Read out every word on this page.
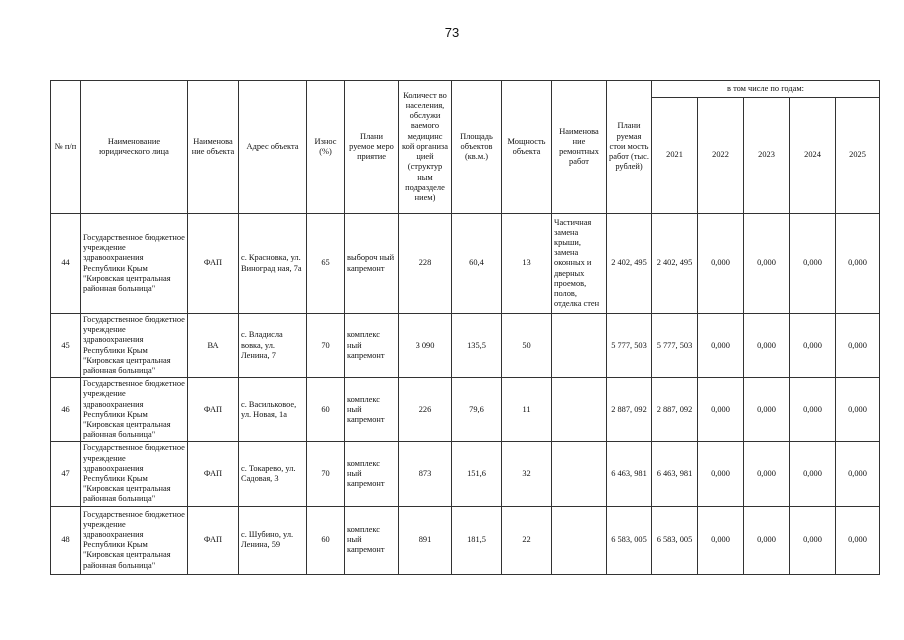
73
№ п/п	Наименование юридического лица	Наименова ние объекта	Адрес объекта	Износ (%)	Плани руемое меро приятие	Количест во населения, обслужи ваемого медицинс кой организа цией (структур ным подразделе нием)	Площадь объектов (кв.м.)	Мощность объекта	Наименова ние ремонтных работ	Плани руемая стои мость работ (тыс. рублей)	в том числе по годам:				
											2021	2022	2023	2024	2025
44	Государственное бюджетное учреждение здравоохранения Республики Крым "Кировская центральная районная больница"	ФАП	с. Красновка, ул. Виноград ная, 7а	65	выбороч ный капремонт	228	60,4	13	Частичная замена крыши, замена оконных и дверных проемов, полов, отделка стен	2 402, 495	2 402, 495	0,000	0,000	0,000	0,000
45	Государственное бюджетное учреждение здравоохранения Республики Крым "Кировская центральная районная больница"	ВА	с. Владисла вовка, ул. Ленина, 7	70	комплекс ный капремонт	3 090	135,5	50		5 777, 503	5 777, 503	0,000	0,000	0,000	0,000
46	Государственное бюджетное учреждение здравоохранения Республики Крым "Кировская центральная районная больница"	ФАП	с. Васильковое, ул. Новая, 1а	60	комплекс ный капремонт	226	79,6	11		2 887, 092	2 887, 092	0,000	0,000	0,000	0,000
47	Государственное бюджетное учреждение здравоохранения Республики Крым "Кировская центральная районная больница"	ФАП	с. Токарево, ул. Садовая, 3	70	комплекс ный капремонт	873	151,6	32		6 463, 981	6 463, 981	0,000	0,000	0,000	0,000
48	Государственное бюджетное учреждение здравоохранения Республики Крым "Кировская центральная районная больница"	ФАП	с. Шубино, ул. Ленина, 59	60	комплекс ный капремонт	891	181,5	22		6 583, 005	6 583, 005	0,000	0,000	0,000	0,000
